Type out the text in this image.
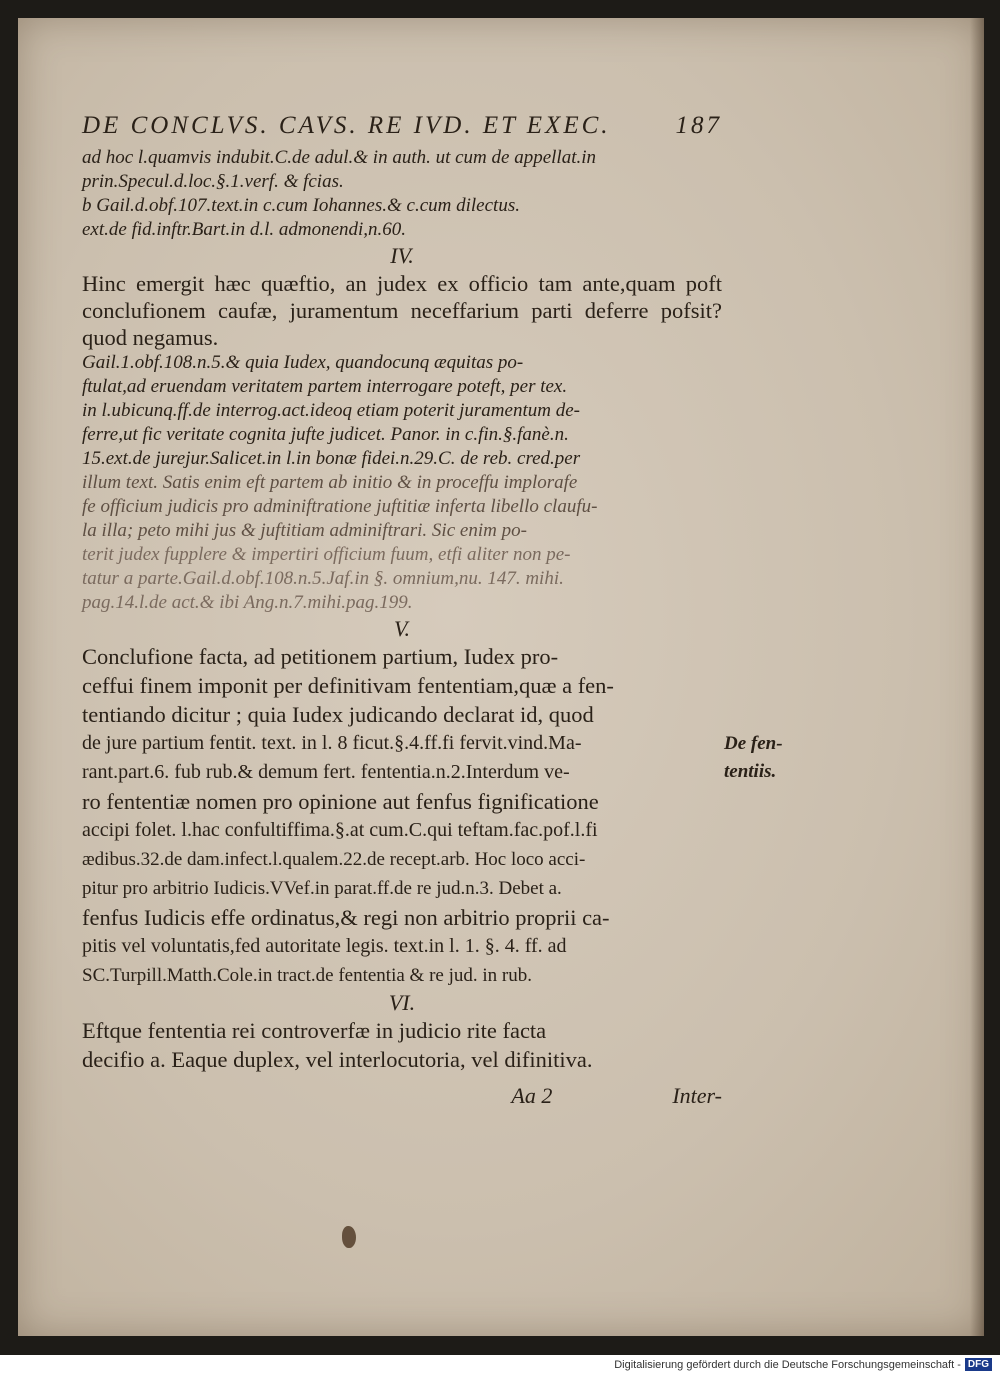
DE CONCLVS. CAVS. RE IVD. ET EXEC.	187

ad hoc l.quamvis indubit.C.de adul.& in auth. ut cum de appellat.in

prin.Specul.d.loc.§.1.verf. & fcias.

b Gail.d.obf.107.text.in c.cum Iohannes.& c.cum dilectus.

ext.de fid.inftr.Bart.in d.l. admonendi,n.60.

IV.

Hinc emergit hæc quæftio, an judex ex officio tam ante,quam poft conclufionem caufæ, juramentum neceffarium parti deferre pofsit? quod negamus.

Gail.1.obf.108.n.5.& quia Iudex, quandocunq æquitas po-

ftulat,ad eruendam veritatem partem interrogare poteft, per tex.

in l.ubicunq.ff.de interrog.act.ideoq etiam poterit juramentum de-

ferre,ut fic veritate cognita jufte judicet. Panor. in c.fin.§.fanè.n.

15.ext.de jurejur.Salicet.in l.in bonæ fidei.n.29.C. de reb. cred.per

illum text. Satis enim eft partem ab initio & in proceffu implorafe

fe officium judicis pro adminiftratione juftitiæ inferta libello claufu-

la illa; peto mihi jus & juftitiam adminiftrari. Sic enim po-

terit judex fupplere & impertiri officium fuum, etfi aliter non pe-

tatur a parte.Gail.d.obf.108.n.5.Jaf.in §. omnium,nu. 147. mihi.

pag.14.l.de act.& ibi Ang.n.7.mihi.pag.199.

V.

Conclufione facta, ad petitionem partium, Iudex pro-

ceffui finem imponit per definitivam fententiam,quæ a fen-

tentiando dicitur ; quia Iudex judicando declarat id, quod

de jure partium fentit. text. in l. 8 ficut.§.4.ff.fi fervit.vind.Ma-

rant.part.6. fub rub.& demum fert. fententia.n.2.Interdum ve-

ro fententiæ nomen pro opinione aut fenfus fignificatione

accipi folet. l.hac confultiffima.§.at cum.C.qui teftam.fac.pof.l.fi

ædibus.32.de dam.infect.l.qualem.22.de recept.arb. Hoc loco acci-

pitur pro arbitrio Iudicis.VVef.in parat.ff.de re jud.n.3. Debet a.

fenfus Iudicis effe ordinatus,& regi non arbitrio proprii ca-

pitis vel voluntatis,fed autoritate legis. text.in l. 1. §. 4. ff. ad

SC.Turpill.Matth.Cole.in tract.de fententia & re jud. in rub.

VI.

Eftque fententia rei controverfæ in judicio rite facta

decifio a. Eaque duplex, vel interlocutoria, vel difinitiva.

Aa 2	Inter-
De fen-tentiis.
Digitalisierung gefördert durch die Deutsche Forschungsgemeinschaft - DFG
